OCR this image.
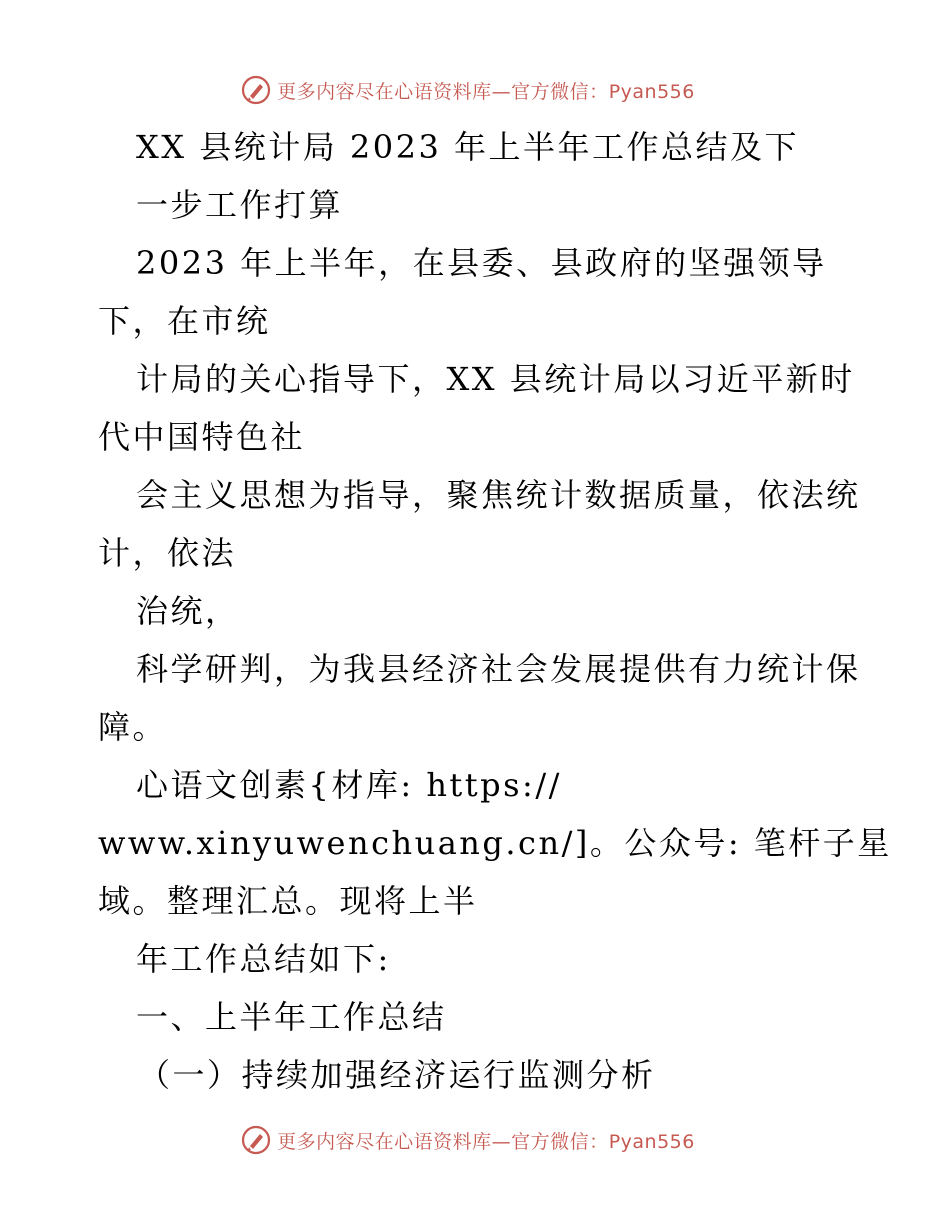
更多内容尽在心语资料库—官方微信：Pyan556
XX 县统计局 2023 年上半年工作总结及下
一步工作打算
2023 年上半年，在县委、县政府的坚强领导
下，在市统
计局的关心指导下，XX 县统计局以习近平新时
代中国特色社
会主义思想为指导，聚焦统计数据质量，依法统
计，依法
治统，
科学研判，为我县经济社会发展提供有力统计保
障。
心语文创素{材库: https://
www.xinyuwenchuang.cn/]。公众号: 笔杆子星
域。整理汇总。现将上半
年工作总结如下:
一、上半年工作总结
（一）持续加强经济运行监测分析
更多内容尽在心语资料库—官方微信：Pyan556
